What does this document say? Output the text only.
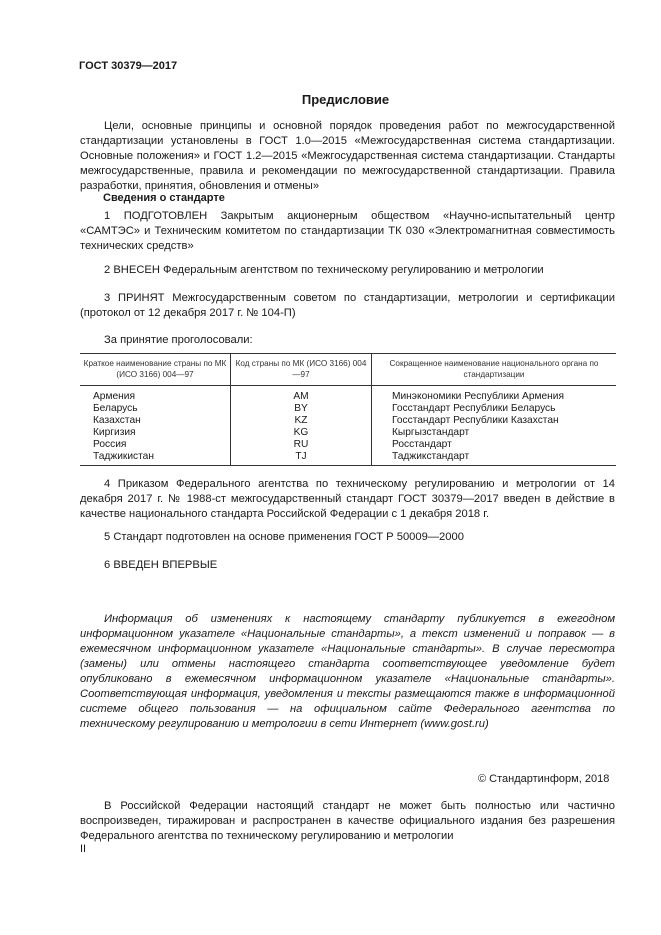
ГОСТ 30379—2017
Предисловие
Цели, основные принципы и основной порядок проведения работ по межгосударственной стандартизации установлены в ГОСТ 1.0—2015 «Межгосударственная система стандартизации. Основные положения» и ГОСТ 1.2—2015 «Межгосударственная система стандартизации. Стандарты межгосударственные, правила и рекомендации по межгосударственной стандартизации. Правила разработки, принятия, обновления и отмены»
Сведения о стандарте
1 ПОДГОТОВЛЕН Закрытым акционерным обществом «Научно-испытательный центр «САМТЭС» и Техническим комитетом по стандартизации ТК 030 «Электромагнитная совместимость технических средств»
2 ВНЕСЕН Федеральным агентством по техническому регулированию и метрологии
3 ПРИНЯТ Межгосударственным советом по стандартизации, метрологии и сертификации (протокол от 12 декабря 2017 г. № 104-П)
За принятие проголосовали:
Краткое наименование страны по МК (ИСО 3166) 004—97	Код страны по МК (ИСО 3166) 004—97	Сокращенное наименование национального органа по стандартизации
Армения	AM	Минэкономики Республики Армения
Беларусь	BY	Госстандарт Республики Беларусь
Казахстан	KZ	Госстандарт Республики Казахстан
Киргизия	KG	Кыргызстандарт
Россия	RU	Росстандарт
Таджикистан	TJ	Таджикстандарт
4 Приказом Федерального агентства по техническому регулированию и метрологии от 14 декабря 2017 г. № 1988-ст межгосударственный стандарт ГОСТ 30379—2017 введен в действие в качестве национального стандарта Российской Федерации с 1 декабря 2018 г.
5 Стандарт подготовлен на основе применения ГОСТ Р 50009—2000
6 ВВЕДЕН ВПЕРВЫЕ
Информация об изменениях к настоящему стандарту публикуется в ежегодном информационном указателе «Национальные стандарты», а текст изменений и поправок — в ежемесячном информационном указателе «Национальные стандарты». В случае пересмотра (замены) или отмены настоящего стандарта соответствующее уведомление будет опубликовано в ежемесячном информационном указателе «Национальные стандарты». Соответствующая информация, уведомления и тексты размещаются также в информационной системе общего пользования — на официальном сайте Федерального агентства по техническому регулированию и метрологии в сети Интернет (www.gost.ru)
© Стандартинформ, 2018
В Российской Федерации настоящий стандарт не может быть полностью или частично воспроизведен, тиражирован и распространен в качестве официального издания без разрешения Федерального агентства по техническому регулированию и метрологии
II
